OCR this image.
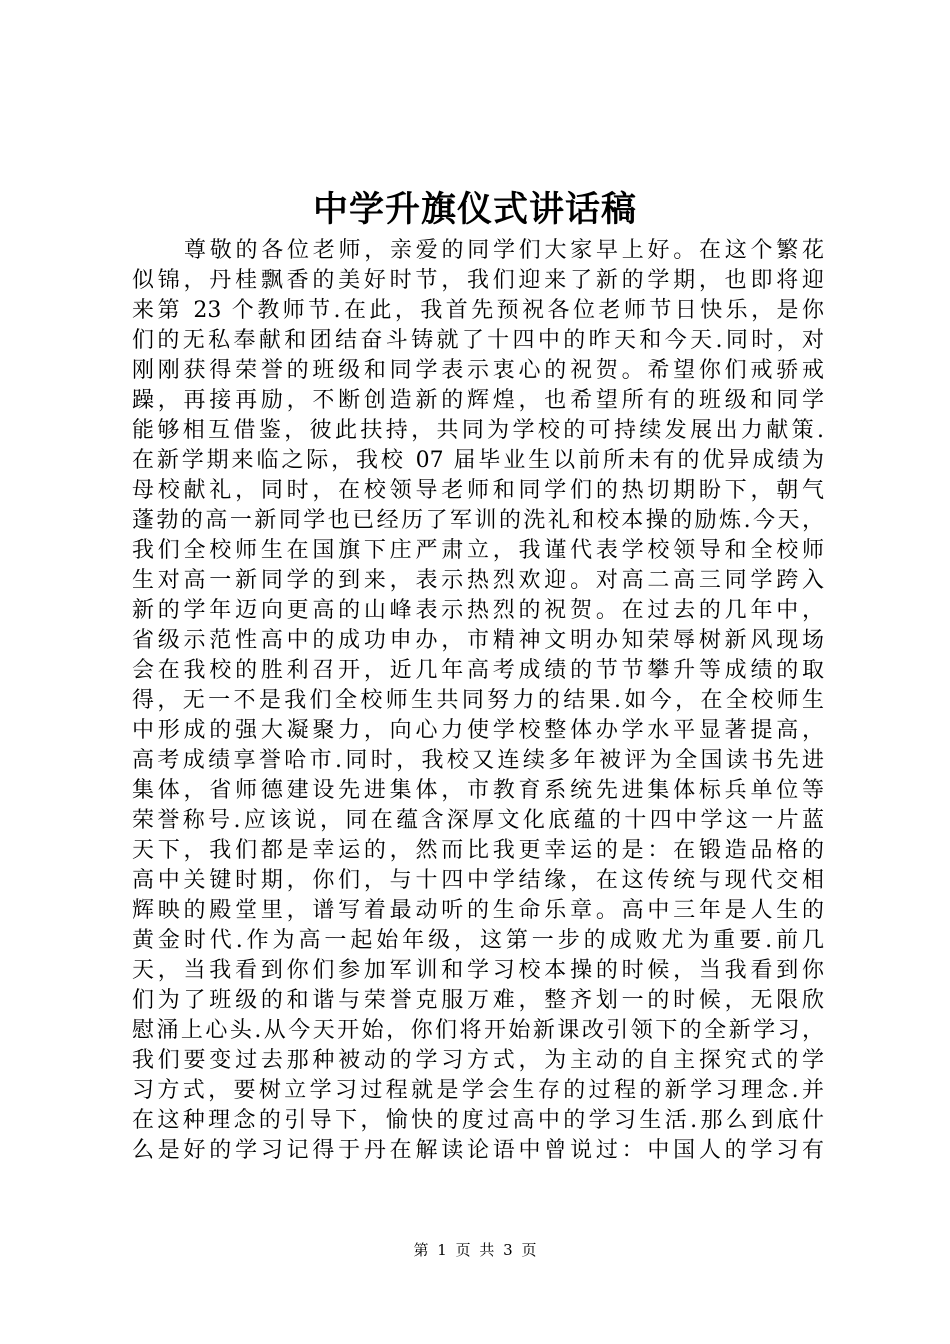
中学升旗仪式讲话稿
尊敬的各位老师，亲爱的同学们大家早上好。在这个繁花
似锦，丹桂飘香的美好时节，我们迎来了新的学期，也即将迎
来第 23 个教师节.在此，我首先预祝各位老师节日快乐，是你
们的无私奉献和团结奋斗铸就了十四中的昨天和今天.同时，对
刚刚获得荣誉的班级和同学表示衷心的祝贺。希望你们戒骄戒
躁，再接再励，不断创造新的辉煌，也希望所有的班级和同学
能够相互借鉴，彼此扶持，共同为学校的可持续发展出力献策.
在新学期来临之际，我校 07 届毕业生以前所未有的优异成绩为
母校献礼，同时，在校领导老师和同学们的热切期盼下，朝气
蓬勃的高一新同学也已经历了军训的洗礼和校本操的励炼.今天，
我们全校师生在国旗下庄严肃立，我谨代表学校领导和全校师
生对高一新同学的到来，表示热烈欢迎。对高二高三同学跨入
新的学年迈向更高的山峰表示热烈的祝贺。在过去的几年中，
省级示范性高中的成功申办，市精神文明办知荣辱树新风现场
会在我校的胜利召开，近几年高考成绩的节节攀升等成绩的取
得，无一不是我们全校师生共同努力的结果.如今，在全校师生
中形成的强大凝聚力，向心力使学校整体办学水平显著提高，
高考成绩享誉哈市.同时，我校又连续多年被评为全国读书先进
集体，省师德建设先进集体，市教育系统先进集体标兵单位等
荣誉称号.应该说，同在蕴含深厚文化底蕴的十四中学这一片蓝
天下，我们都是幸运的，然而比我更幸运的是：在锻造品格的
高中关键时期，你们，与十四中学结缘，在这传统与现代交相
辉映的殿堂里，谱写着最动听的生命乐章。高中三年是人生的
黄金时代.作为高一起始年级，这第一步的成败尤为重要.前几
天，当我看到你们参加军训和学习校本操的时候，当我看到你
们为了班级的和谐与荣誉克服万难，整齐划一的时候，无限欣
慰涌上心头.从今天开始，你们将开始新课改引领下的全新学习，
我们要变过去那种被动的学习方式，为主动的自主探究式的学
习方式，要树立学习过程就是学会生存的过程的新学习理念.并
在这种理念的引导下，愉快的度过高中的学习生活.那么到底什
么是好的学习记得于丹在解读论语中曾说过：中国人的学习有
第 1 页 共 3 页
